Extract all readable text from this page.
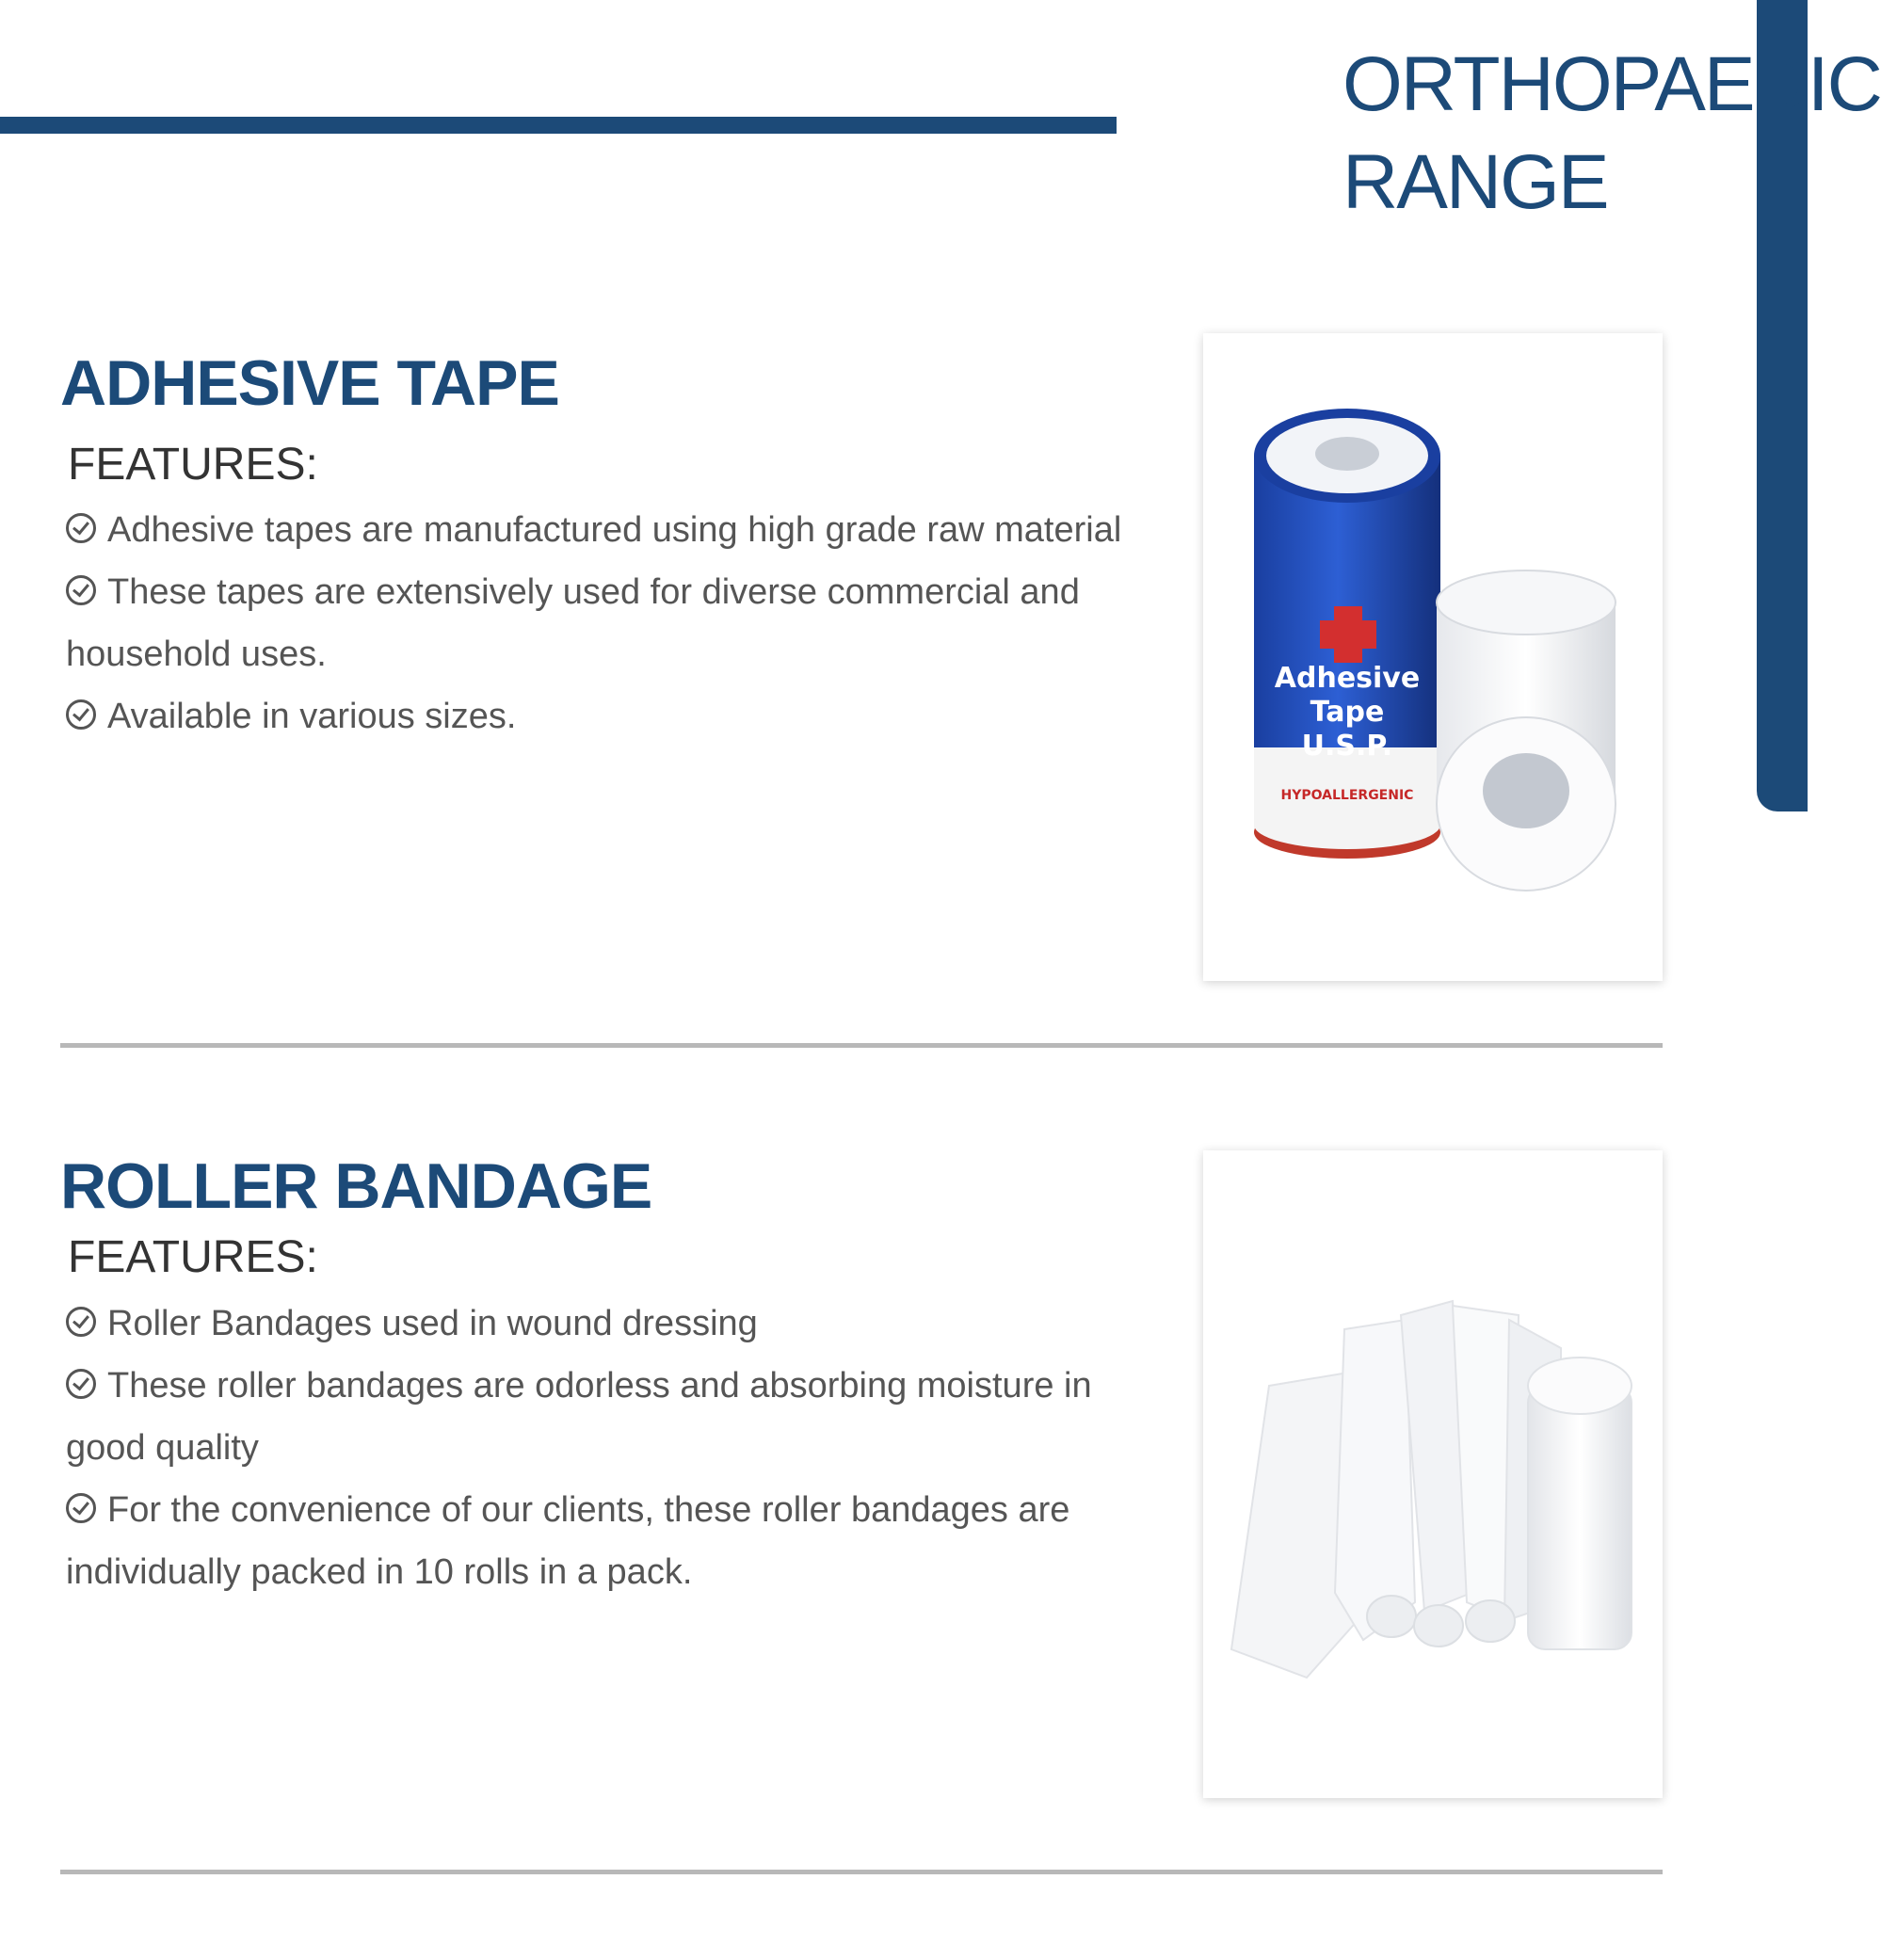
ORTHOPAEDIC
RANGE
ADHESIVE TAPE
FEATURES:
Adhesive tapes are manufactured using high grade raw material
These tapes are extensively used for diverse commercial and household uses.
Available in various sizes.
Adhesive
Tape
U.S.P.
HYPOALLERGENIC
ROLLER BANDAGE
FEATURES:
Roller Bandages used in wound dressing
These roller bandages are odorless and absorbing moisture in good quality
For the convenience of our clients, these roller bandages are individually packed in 10 rolls in a pack.
